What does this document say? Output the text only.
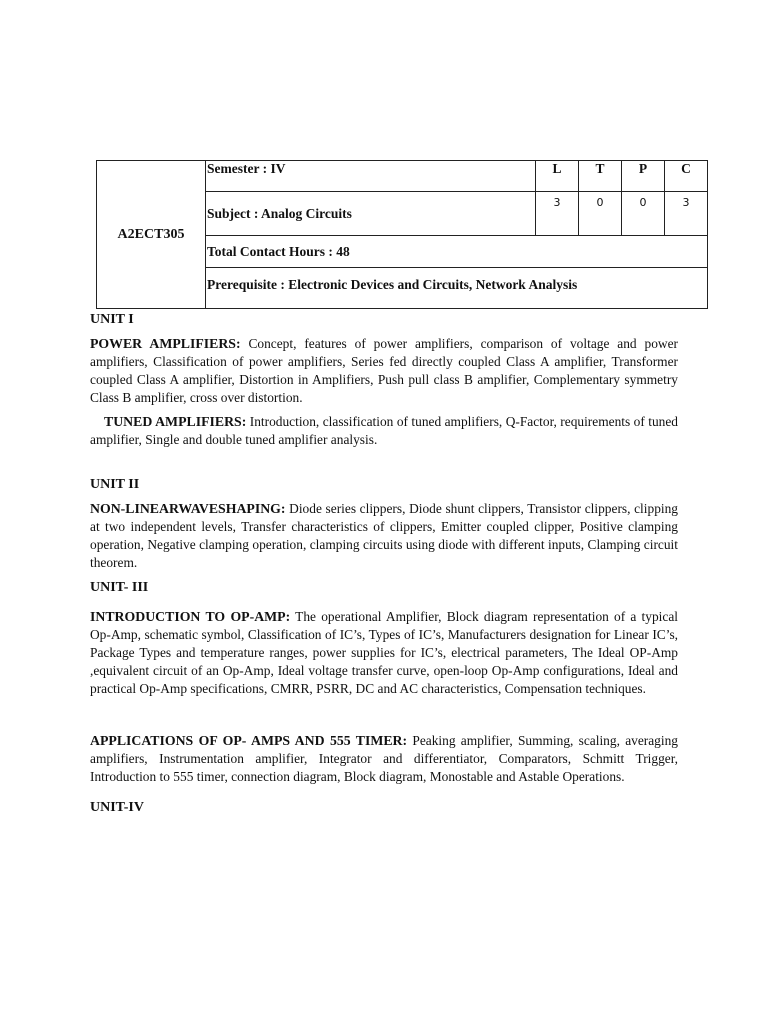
A2ECT305	Semester : IV	L	T	P	C
	Subject : Analog Circuits	3	0	0	3
	Total Contact Hours : 48				
	Prerequisite : Electronic Devices and Circuits, Network Analysis				
UNIT I

POWER AMPLIFIERS: Concept, features of power amplifiers, comparison of voltage and power amplifiers, Classification of power amplifiers, Series fed directly coupled Class A amplifier, Transformer coupled Class A amplifier, Distortion in Amplifiers, Push pull class B amplifier, Complementary symmetry Class B amplifier, cross over distortion.

TUNED AMPLIFIERS: Introduction, classification of tuned amplifiers, Q-Factor, requirements of tuned amplifier, Single and double tuned amplifier analysis.

UNIT II

NON-LINEARWAVESHAPING: Diode series clippers, Diode shunt clippers, Transistor clippers, clipping at two independent levels, Transfer characteristics of clippers, Emitter coupled clipper, Positive clamping operation, Negative clamping operation, clamping circuits using diode with different inputs, Clamping circuit theorem.

UNIT- III

INTRODUCTION TO OP-AMP: The operational Amplifier, Block diagram representation of a typical Op-Amp, schematic symbol, Classification of IC’s, Types of IC’s, Manufacturers designation for Linear IC’s, Package Types and temperature ranges, power supplies for IC’s, electrical parameters, The Ideal OP-Amp ,equivalent circuit of an Op-Amp, Ideal voltage transfer curve, open-loop Op-Amp configurations, Ideal and practical Op-Amp specifications, CMRR, PSRR, DC and AC characteristics, Compensation techniques.

APPLICATIONS OF OP- AMPS AND 555 TIMER: Peaking amplifier, Summing, scaling, averaging amplifiers, Instrumentation amplifier, Integrator and differentiator, Comparators, Schmitt Trigger, Introduction to 555 timer, connection diagram, Block diagram, Monostable and Astable Operations.

UNIT-IV
